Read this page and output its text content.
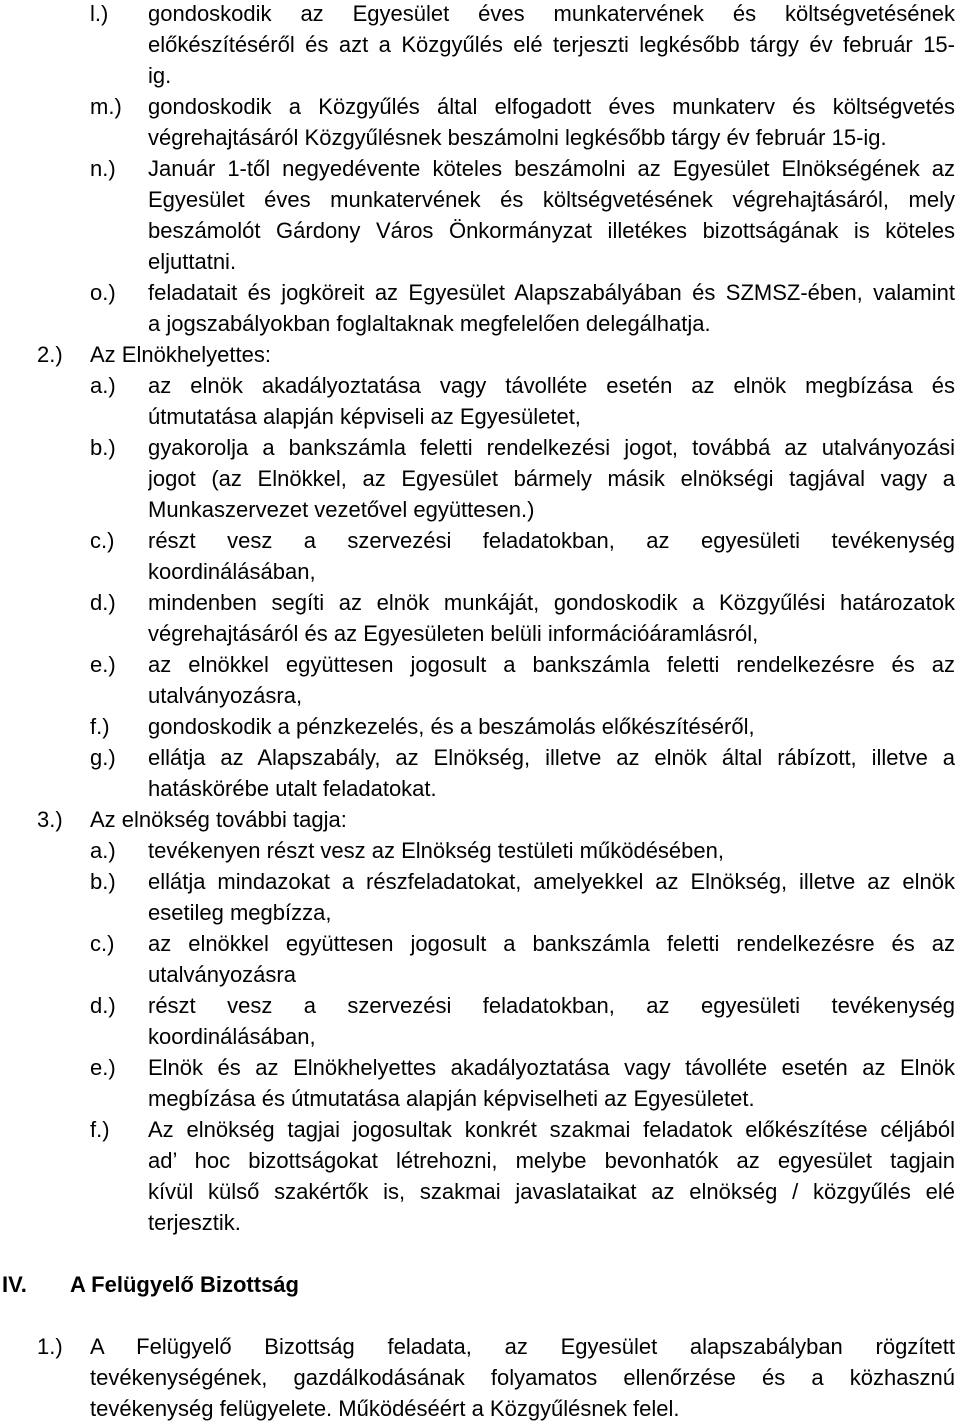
l.) gondoskodik az Egyesület éves munkatervének és költségvetésének
előkészítéséről és azt a Közgyűlés elé terjeszti legkésőbb tárgy év február 15-
ig.
m.) gondoskodik a Közgyűlés által elfogadott éves munkaterv és költségvetés
végrehajtásáról Közgyűlésnek beszámolni legkésőbb tárgy év február 15-ig.
n.) Január 1-től negyedévente köteles beszámolni az Egyesület Elnökségének az
Egyesület éves munkatervének és költségvetésének végrehajtásáról, mely
beszámolót Gárdony Város Önkormányzat illetékes bizottságának is köteles
eljuttatni.
o.) feladatait és jogköreit az Egyesület Alapszabályában és SZMSZ-ében, valamint
a jogszabályokban foglaltaknak megfelelően delegálhatja.
2.) Az Elnökhelyettes:
a.) az elnök akadályoztatása vagy távolléte esetén az elnök megbízása és
útmutatása alapján képviseli az Egyesületet,
b.) gyakorolja a bankszámla feletti rendelkezési jogot, továbbá az utalványozási
jogot (az Elnökkel, az Egyesület bármely másik elnökségi tagjával vagy a
Munkaszervezet vezetővel együttesen.)
c.) részt vesz a szervezési feladatokban, az egyesületi tevékenység
koordinálásában,
d.) mindenben segíti az elnök munkáját, gondoskodik a Közgyűlési határozatok
végrehajtásáról és az Egyesületen belüli információáramlásról,
e.) az elnökkel együttesen jogosult a bankszámla feletti rendelkezésre és az
utalványozásra,
f.) gondoskodik a pénzkezelés, és a beszámolás előkészítéséről,
g.) ellátja az Alapszabály, az Elnökség, illetve az elnök által rábízott, illetve a
hatáskörébe utalt feladatokat.
3.) Az elnökség további tagja:
a.) tevékenyen részt vesz az Elnökség testületi működésében,
b.) ellátja mindazokat a részfeladatokat, amelyekkel az Elnökség, illetve az elnök
esetileg megbízza,
c.) az elnökkel együttesen jogosult a bankszámla feletti rendelkezésre és az
utalványozásra
d.) részt vesz a szervezési feladatokban, az egyesületi tevékenység
koordinálásában,
e.) Elnök és az Elnökhelyettes akadályoztatása vagy távolléte esetén az Elnök
megbízása és útmutatása alapján képviselheti az Egyesületet.
f.) Az elnökség tagjai jogosultak konkrét szakmai feladatok előkészítése céljából
ad’ hoc bizottságokat létrehozni, melybe bevonhatók az egyesület tagjain
kívül külső szakértők is, szakmai javaslataikat az elnökség / közgyűlés elé
terjesztik.
IV. A Felügyelő Bizottság
1.) A Felügyelő Bizottság feladata, az Egyesület alapszabályban rögzített
tevékenységének, gazdálkodásának folyamatos ellenőrzése és a közhasznú
tevékenység felügyelete. Működéséért a Közgyűlésnek felel.
